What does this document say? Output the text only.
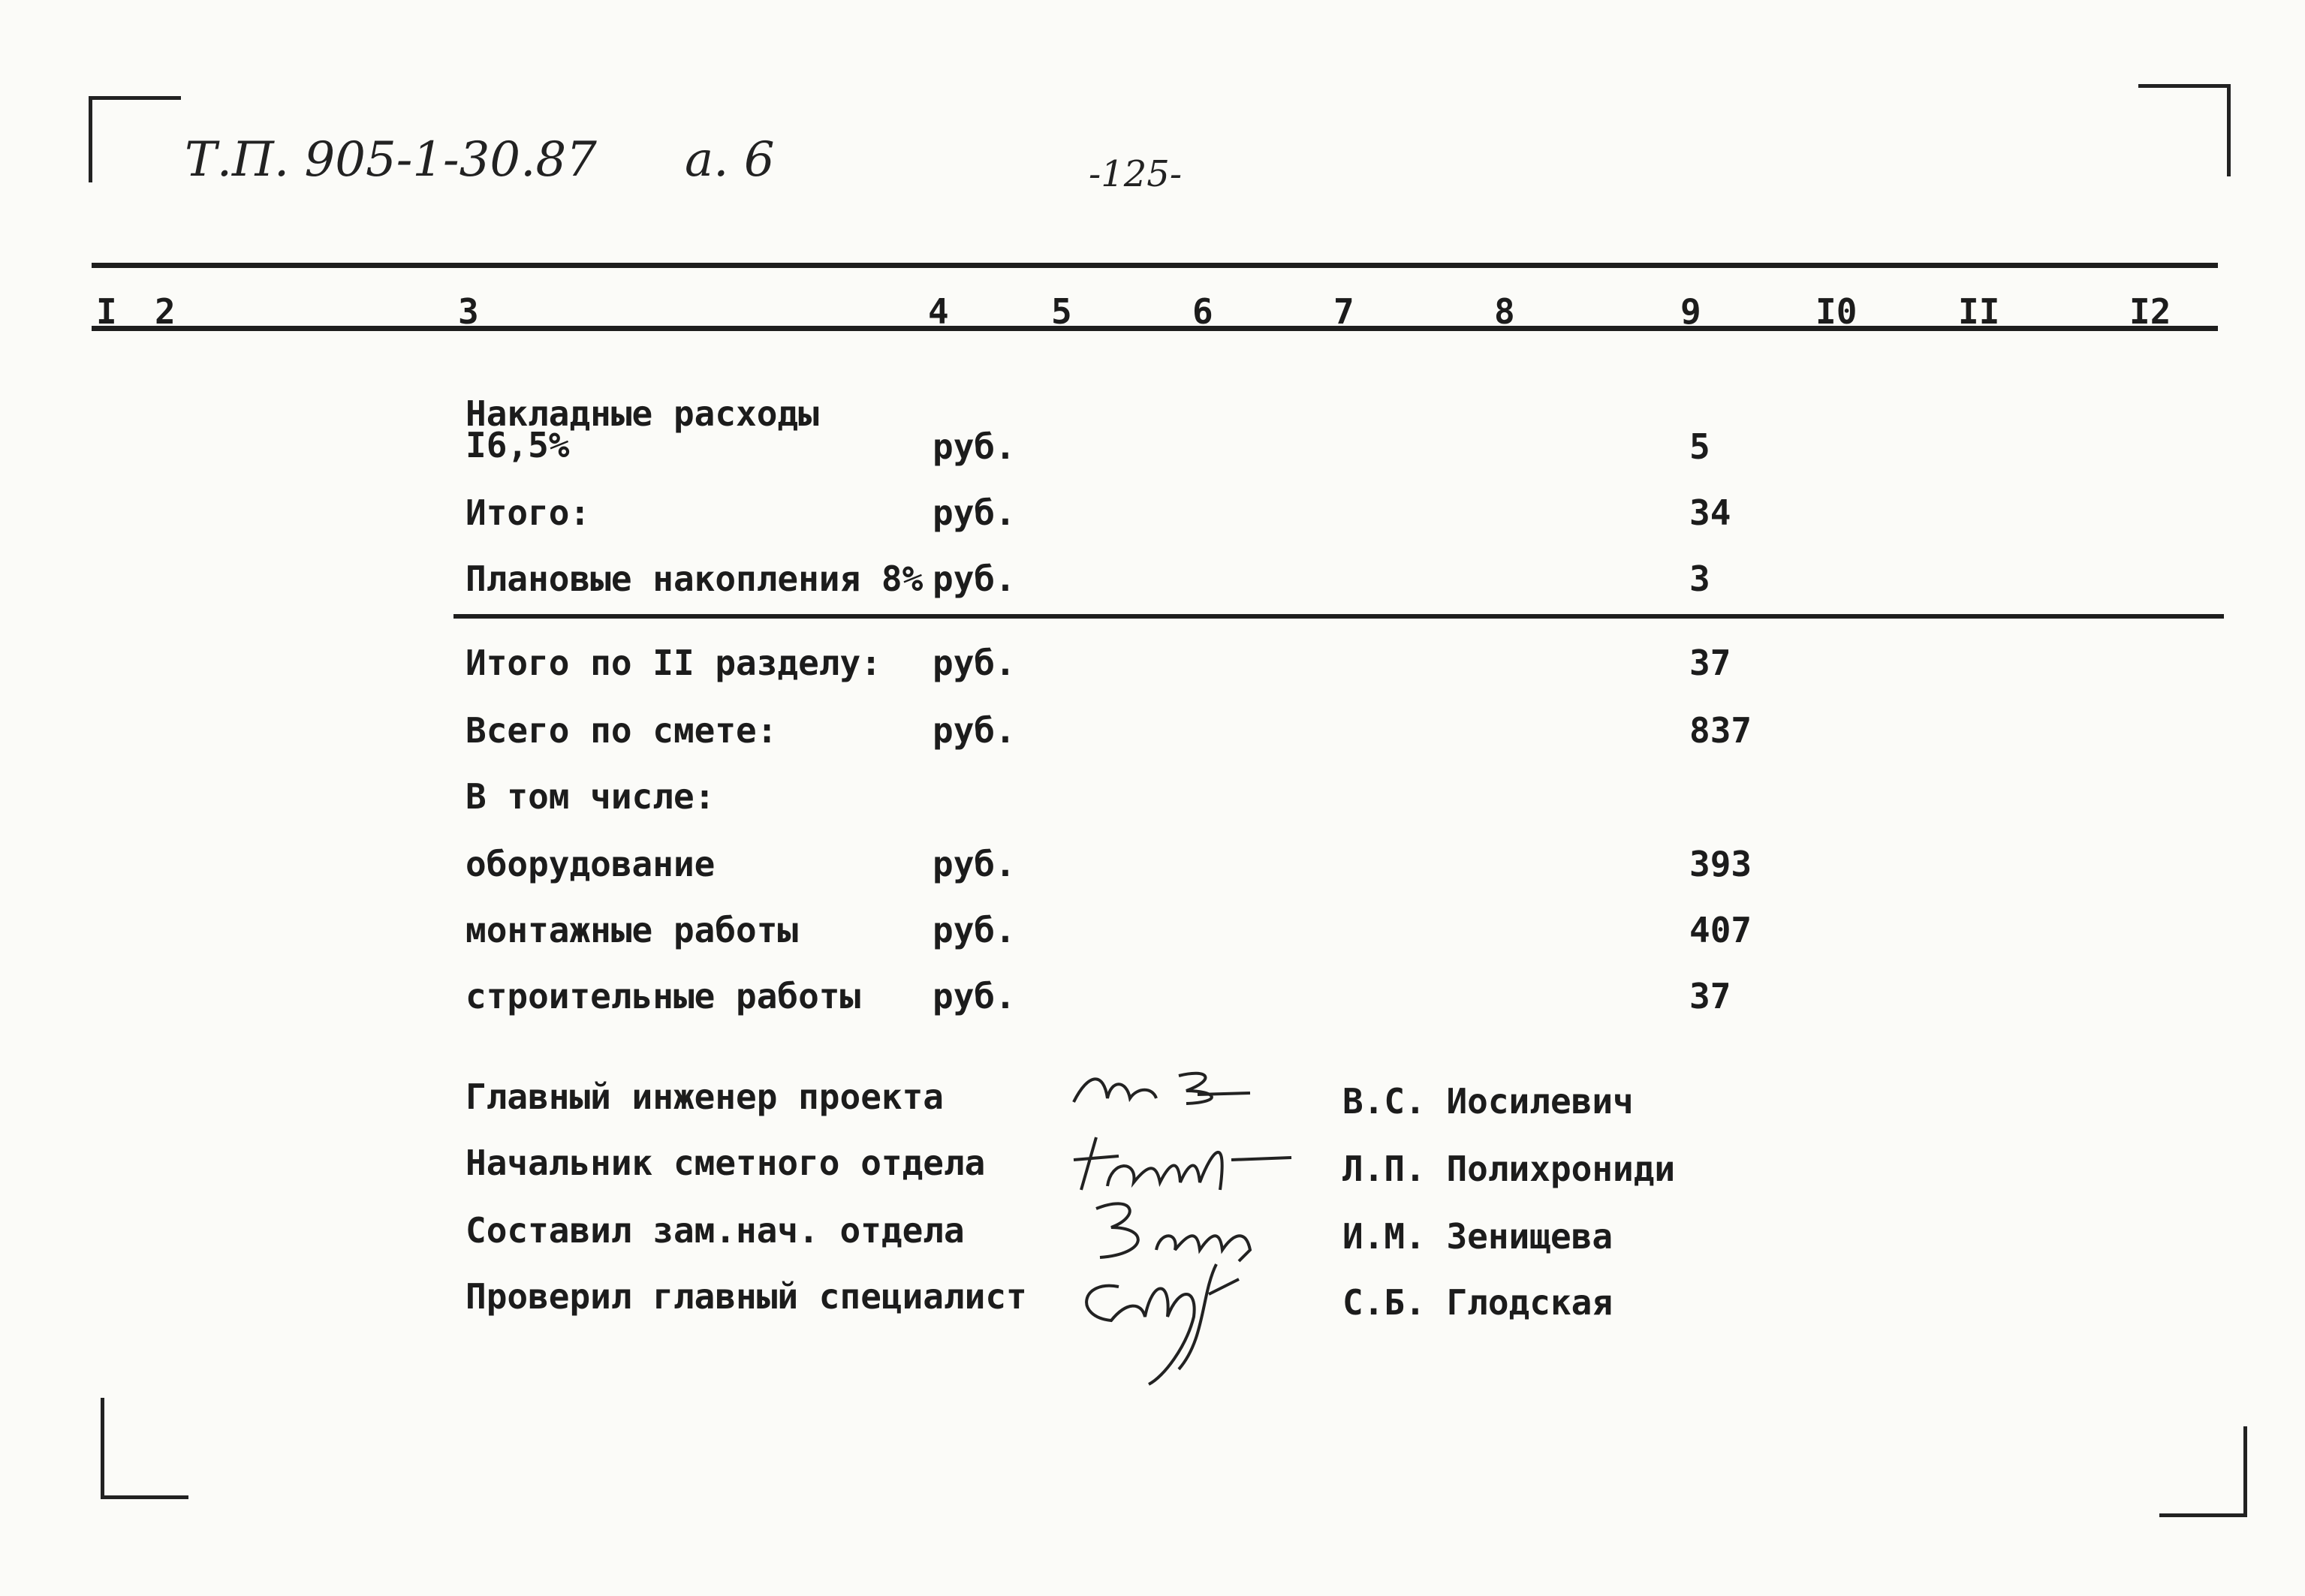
Т.П. 905-1-30.87 а. 6	-125-
I 2	3	4	5	6	7	8	9	I0	II	I2
Накладные расходы
I6,5%	руб.	5
Итого:	руб.	34
Плановые накопления 8% руб.	3
Итого по II разделу: руб.	37
Всего по смете:	руб.	837
В том числе:
оборудование	руб.	393
монтажные работы	руб.	407
строительные работы руб.	37
Главный инженер проекта	В.С. Иосилевич
Начальник сметного отдела	Л.П. Полихрониди
Составил зам.нач. отдела	И.М. Зенищева
Проверил главный специалист	С.Б. Глодская
